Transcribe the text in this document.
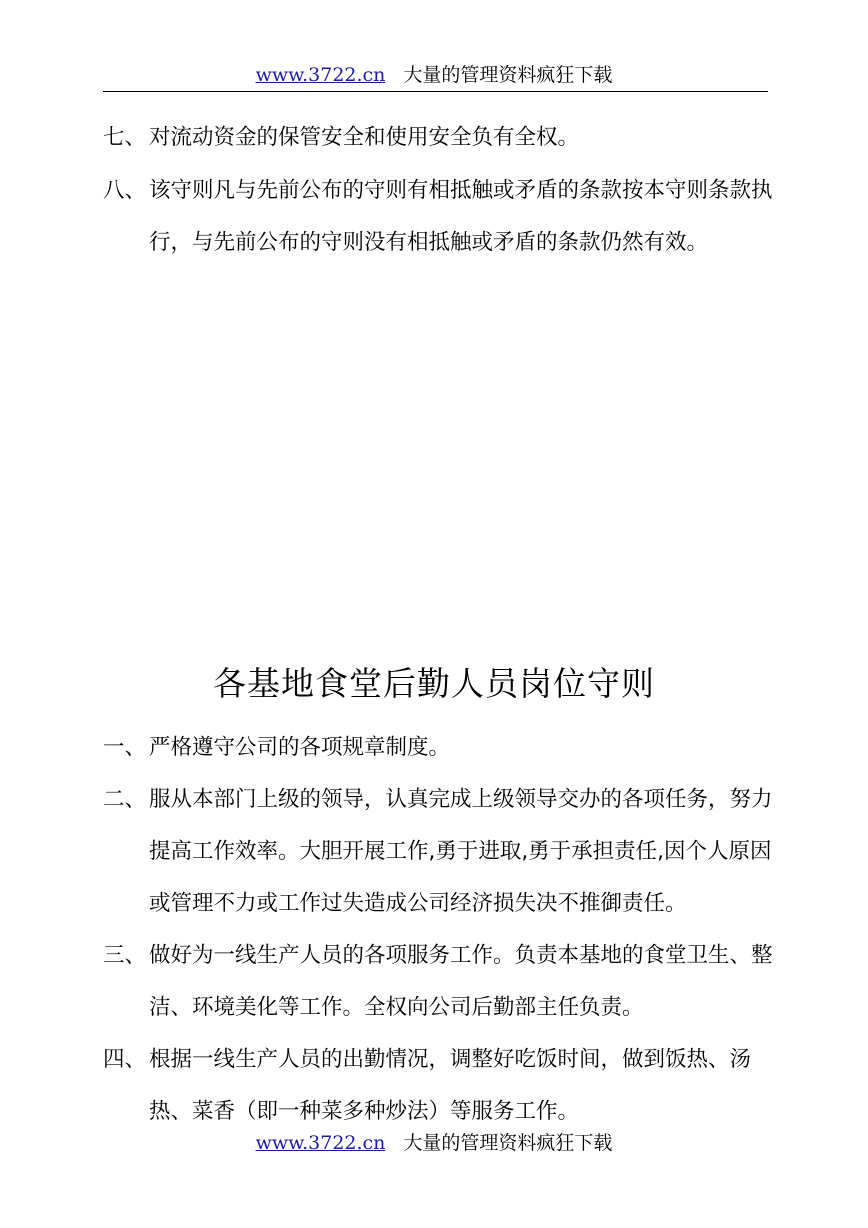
www.3722.cn 大量的管理资料疯狂下载
七、 对流动资金的保管安全和使用安全负有全权。
八、 该守则凡与先前公布的守则有相抵触或矛盾的条款按本守则条款执行，与先前公布的守则没有相抵触或矛盾的条款仍然有效。
各基地食堂后勤人员岗位守则
一、 严格遵守公司的各项规章制度。
二、 服从本部门上级的领导，认真完成上级领导交办的各项任务，努力提高工作效率。大胆开展工作,勇于进取,勇于承担责任,因个人原因或管理不力或工作过失造成公司经济损失决不推御责任。
三、 做好为一线生产人员的各项服务工作。负责本基地的食堂卫生、整洁、环境美化等工作。全权向公司后勤部主任负责。
四、 根据一线生产人员的出勤情况，调整好吃饭时间，做到饭热、汤热、菜香（即一种菜多种炒法）等服务工作。
www.3722.cn 大量的管理资料疯狂下载
